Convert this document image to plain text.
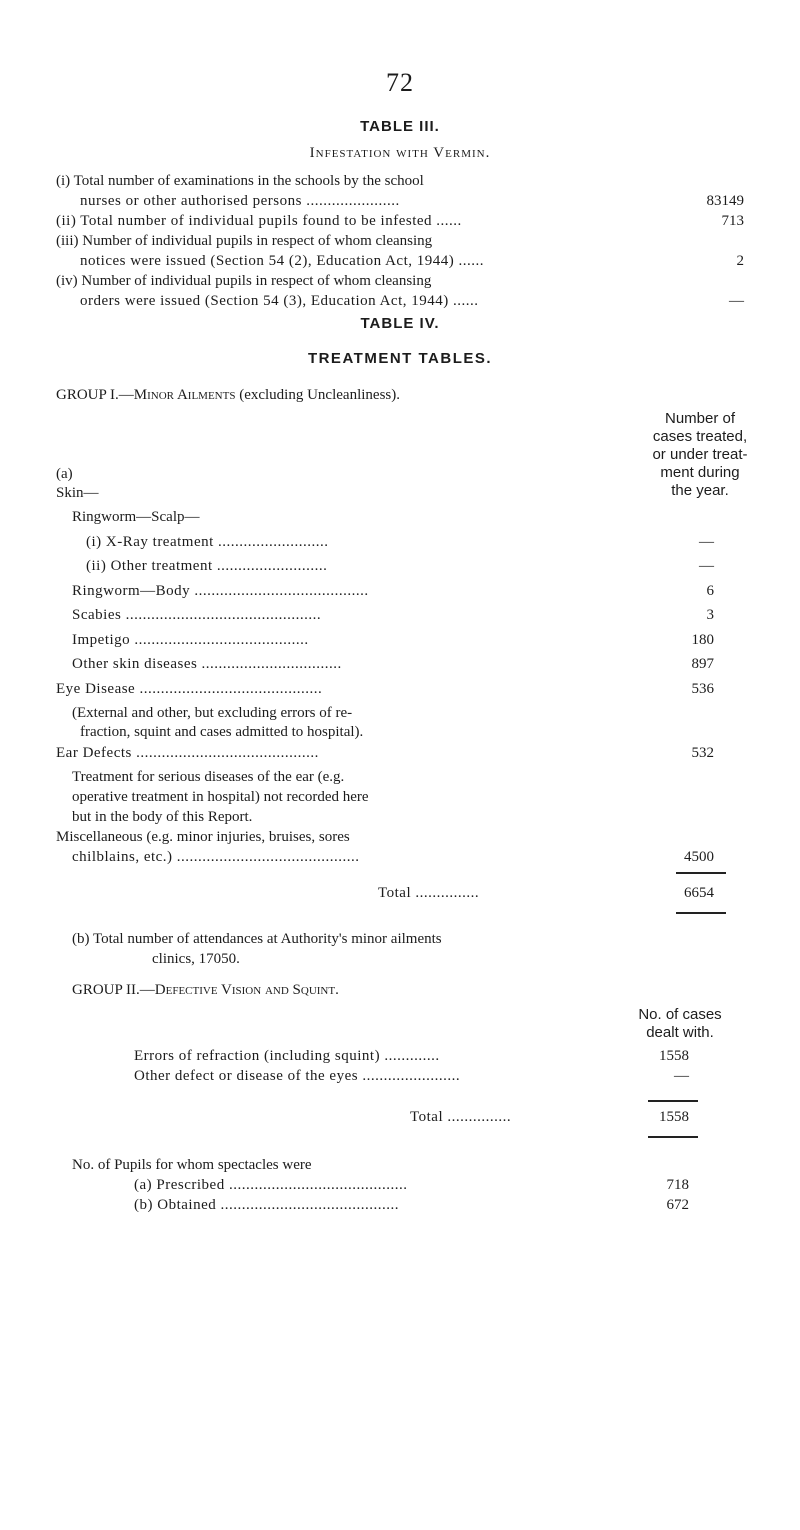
72
TABLE III.
Infestation with Vermin.
(i) Total number of examinations in the schools by the school
nurses or other authorised persons ......................	83149
(ii) Total number of individual pupils found to be infested ......	713
(iii) Number of individual pupils in respect of whom cleansing
notices were issued (Section 54 (2), Education Act, 1944) ......	2
(iv) Number of individual pupils in respect of whom cleansing
orders were issued (Section 54 (3), Education Act, 1944) ......	—
TABLE IV.
TREATMENT TABLES.
GROUP I.—Minor Ailments (excluding Uncleanliness).
Number of
cases treated,
or under treat-
ment during
the year.
(a)
Skin—
Ringworm—Scalp—
(i) X-Ray treatment ..........................	—
(ii) Other treatment ..........................	—
Ringworm—Body .........................................	6
Scabies ..............................................	3
Impetigo .........................................	180
Other skin diseases .................................	897
Eye Disease ...........................................	536
(External and other, but excluding errors of re-
fraction, squint and cases admitted to hospital).
Ear Defects ...........................................	532
Treatment for serious diseases of the ear (e.g.
operative treatment in hospital) not recorded here
but in the body of this Report.
Miscellaneous (e.g. minor injuries, bruises, sores
chilblains, etc.) ...........................................	4500
Total ...............	6654
(b) Total number of attendances at Authority's minor ailments
clinics, 17050.
GROUP II.—Defective Vision and Squint.
No. of cases
dealt with.
Errors of refraction (including squint) .............	1558
Other defect or disease of the eyes .......................	—
Total ...............	1558
No. of Pupils for whom spectacles were
(a) Prescribed ..........................................	718
(b) Obtained ..........................................	672
